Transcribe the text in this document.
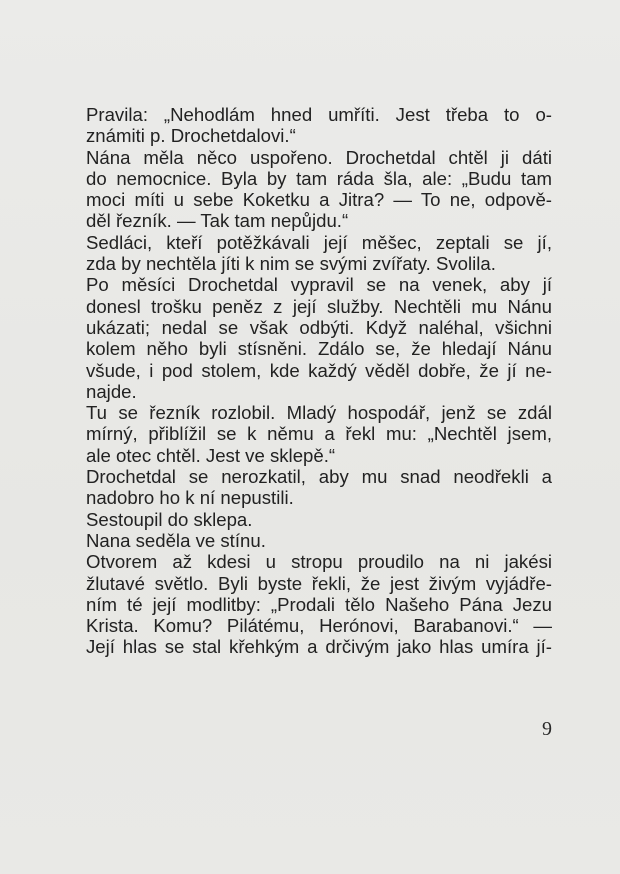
Pravila: „Nehodlám hned umříti. Jest třeba to o-
známiti p. Drochetdalovi.“
Nána měla něco uspořeno. Drochetdal chtěl ji dáti
do nemocnice. Byla by tam ráda šla, ale: „Budu tam
moci míti u sebe Koketku a Jitra? — To ne, odpově-
děl řezník. — Tak tam nepůjdu.“
Sedláci, kteří potěžkávali její měšec, zeptali se jí,
zda by nechtěla jíti k nim se svými zvířaty. Svolila.
Po měsíci Drochetdal vypravil se na venek, aby jí
donesl trošku peněz z její služby. Nechtěli mu Nánu
ukázati; nedal se však odbýti. Když naléhal, všichni
kolem něho byli stísněni. Zdálo se, že hledají Nánu
všude, i pod stolem, kde každý věděl dobře, že jí ne-
najde.
Tu se řezník rozlobil. Mladý hospodář, jenž se zdál
mírný, přiblížil se k němu a řekl mu: „Nechtěl jsem,
ale otec chtěl. Jest ve sklepě.“
Drochetdal se nerozkatil, aby mu snad neodřekli a
nadobro ho k ní nepustili.
Sestoupil do sklepa.
Nana seděla ve stínu.
Otvorem až kdesi u stropu proudilo na ni jakési
žlutavé světlo. Byli byste řekli, že jest živým vyjádře-
ním té její modlitby: „Prodali tělo Našeho Pána Jezu
Krista. Komu? Pilátému, Herónovi, Barabanovi.“ —
Její hlas se stal křehkým a drčivým jako hlas umíra jí-
9
